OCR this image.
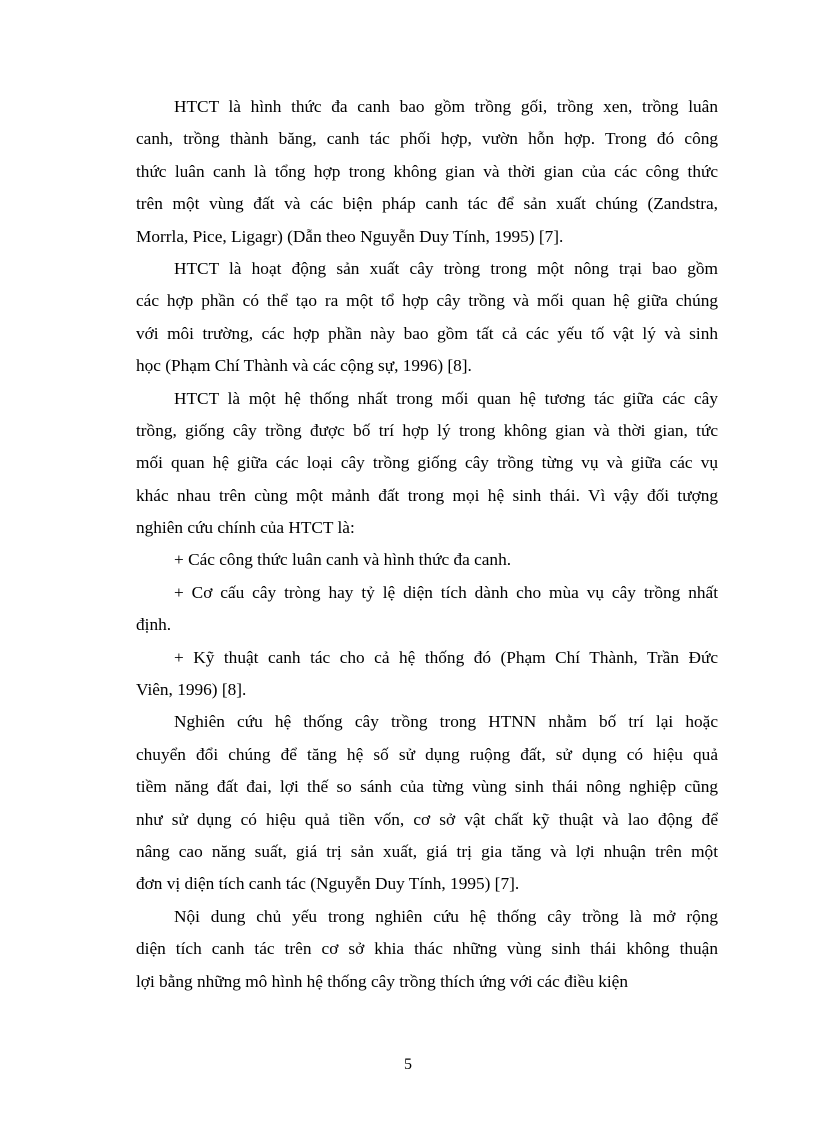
HTCT là hình thức đa canh bao gồm trồng gối, trồng xen, trồng luân
canh, trồng thành băng, canh tác phối hợp, vườn hỗn hợp. Trong đó công
thức luân canh là tổng hợp trong không gian và thời gian của các công thức
trên một vùng đất và các biện pháp canh tác để sản xuất chúng (Zandstra,
Morrla, Pice, Ligagr) (Dẫn theo Nguyễn Duy Tính, 1995) [7].
HTCT là hoạt động sản xuất cây tròng trong một nông trại bao gồm
các hợp phần có thể tạo ra một tổ hợp cây trồng và mối quan hệ giữa chúng
với môi trường, các hợp phần này bao gồm tất cả các yếu tố vật lý và sinh
học (Phạm Chí Thành và các cộng sự, 1996) [8].
HTCT là một hệ thống nhất trong mối quan hệ tương tác giữa các cây
trồng, giống cây trồng được bố trí hợp lý trong không gian và thời gian, tức
mối quan hệ giữa các loại cây trồng giống cây trồng từng vụ và giữa các vụ
khác nhau trên cùng một mảnh đất trong mọi hệ sinh thái. Vì vậy đối tượng
nghiên cứu chính của HTCT là:
+ Các công thức luân canh và hình thức đa canh.
+ Cơ cấu cây tròng hay tỷ lệ diện tích dành cho mùa vụ cây trồng nhất
định.
+ Kỹ thuật canh tác cho cả hệ thống đó (Phạm Chí Thành, Trần Đức
Viên, 1996) [8].
Nghiên cứu hệ thống cây trồng trong HTNN nhằm bố trí lại hoặc
chuyển đổi chúng để tăng hệ số sử dụng ruộng đất, sử dụng có hiệu quả
tiềm năng đất đai, lợi thế so sánh của từng vùng sinh thái nông nghiệp cũng
như sử dụng có hiệu quả tiền vốn, cơ sở vật chất kỹ thuật và lao động để
nâng cao năng suất, giá trị sản xuất, giá trị gia tăng và lợi nhuận trên một
đơn vị diện tích canh tác (Nguyễn Duy Tính, 1995) [7].
Nội dung chủ yếu trong nghiên cứu hệ thống cây trồng là mở rộng
diện tích canh tác trên cơ sở khia thác những vùng sinh thái không thuận
lợi bằng những mô hình hệ thống cây trồng thích ứng với các điều kiện
5
